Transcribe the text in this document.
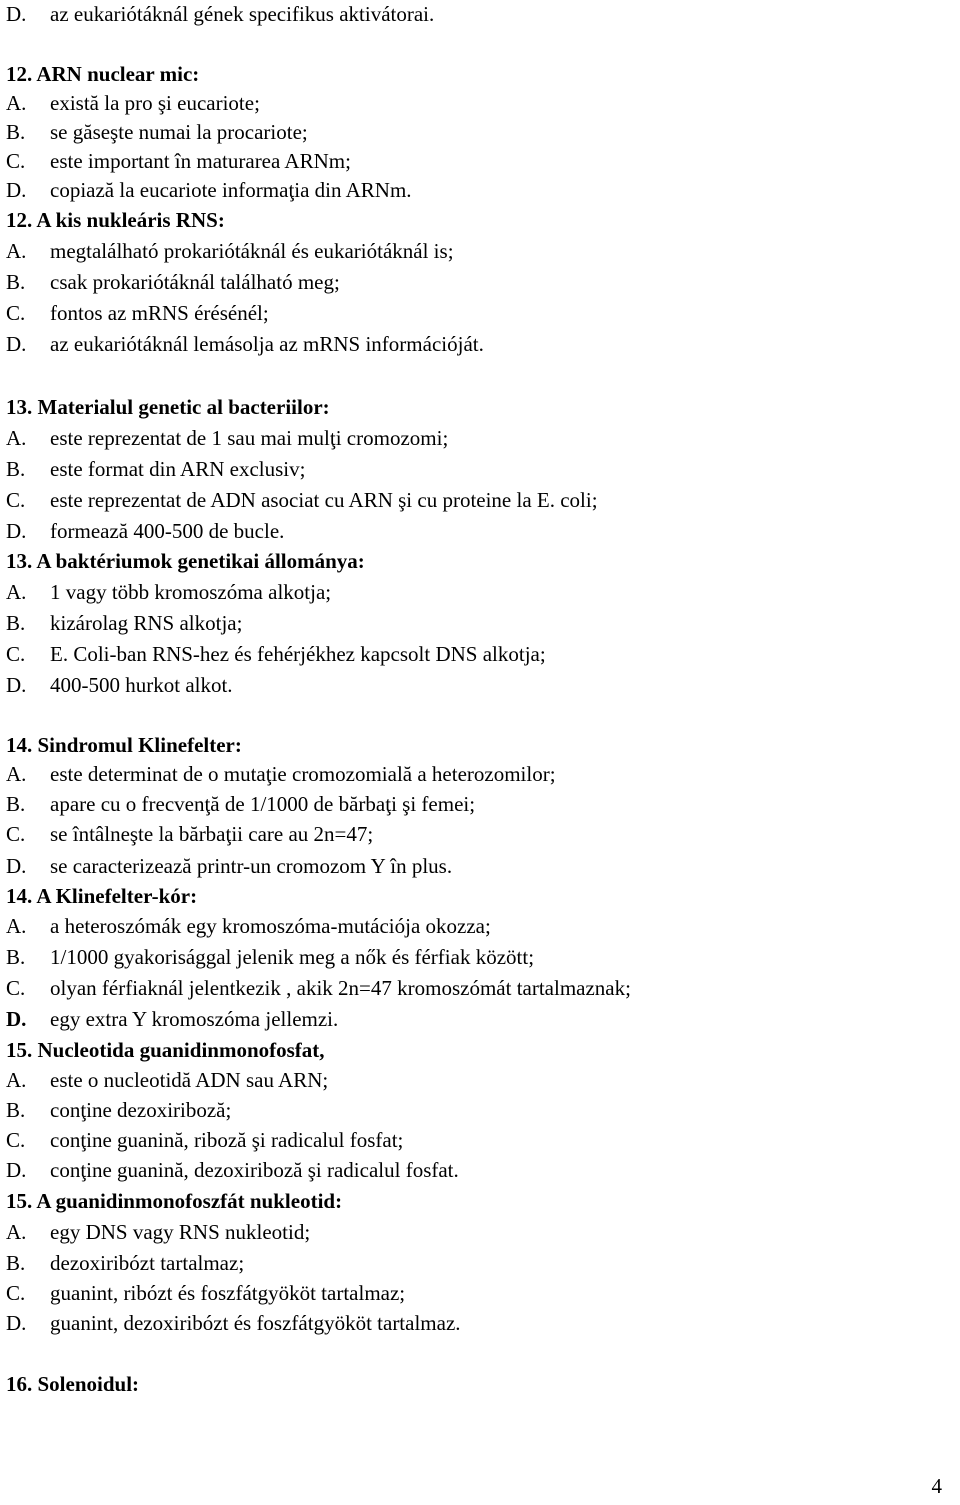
D. az eukariótáknál gének specifikus aktivátorai.
12. ARN nuclear mic:
A. există la pro şi eucariote;
B. se găseşte numai la procariote;
C. este important în maturarea ARNm;
D. copiază la eucariote informaţia din ARNm.
12. A kis nukleáris RNS:
A. megtalálható prokariótáknál és eukariótáknál is;
B. csak prokariótáknál található meg;
C. fontos az mRNS érésénél;
D. az eukariótáknál lemásolja az mRNS információját.
13. Materialul genetic al bacteriilor:
A. este reprezentat de 1 sau mai mulţi cromozomi;
B. este format din ARN exclusiv;
C. este reprezentat de ADN asociat cu ARN şi cu proteine la E. coli;
D. formează 400-500 de bucle.
13. A baktériumok genetikai állománya:
A. 1 vagy több kromoszóma alkotja;
B. kizárolag RNS alkotja;
C. E. Coli-ban RNS-hez és fehérjékhez kapcsolt DNS alkotja;
D. 400-500 hurkot alkot.
14. Sindromul Klinefelter:
A. este determinat de o mutaţie cromozomială a heterozomilor;
B. apare cu o frecvenţă de 1/1000 de bărbaţi şi femei;
C. se întâlneşte la bărbaţii care au 2n=47;
D. se caracterizează printr-un cromozom Y în plus.
14. A Klinefelter-kór:
A. a heteroszómák egy kromoszóma-mutációja okozza;
B. 1/1000 gyakorisággal jelenik meg a nők és férfiak között;
C. olyan férfiaknál jelentkezik , akik 2n=47 kromoszómát tartalmaznak;
D. egy extra Y kromoszóma jellemzi.
15. Nucleotida guanidinmonofosfat,
A. este o nucleotidă ADN sau ARN;
B. conţine dezoxiriboză;
C. conţine guanină, riboză şi radicalul fosfat;
D. conţine guanină, dezoxiriboză şi radicalul fosfat.
15. A guanidinmonofoszfát nukleotid:
A. egy DNS vagy RNS nukleotid;
B. dezoxiribózt tartalmaz;
C. guanint, ribózt és foszfátgyököt tartalmaz;
D. guanint, dezoxiribózt és foszfátgyököt tartalmaz.
16. Solenoidul:
4
